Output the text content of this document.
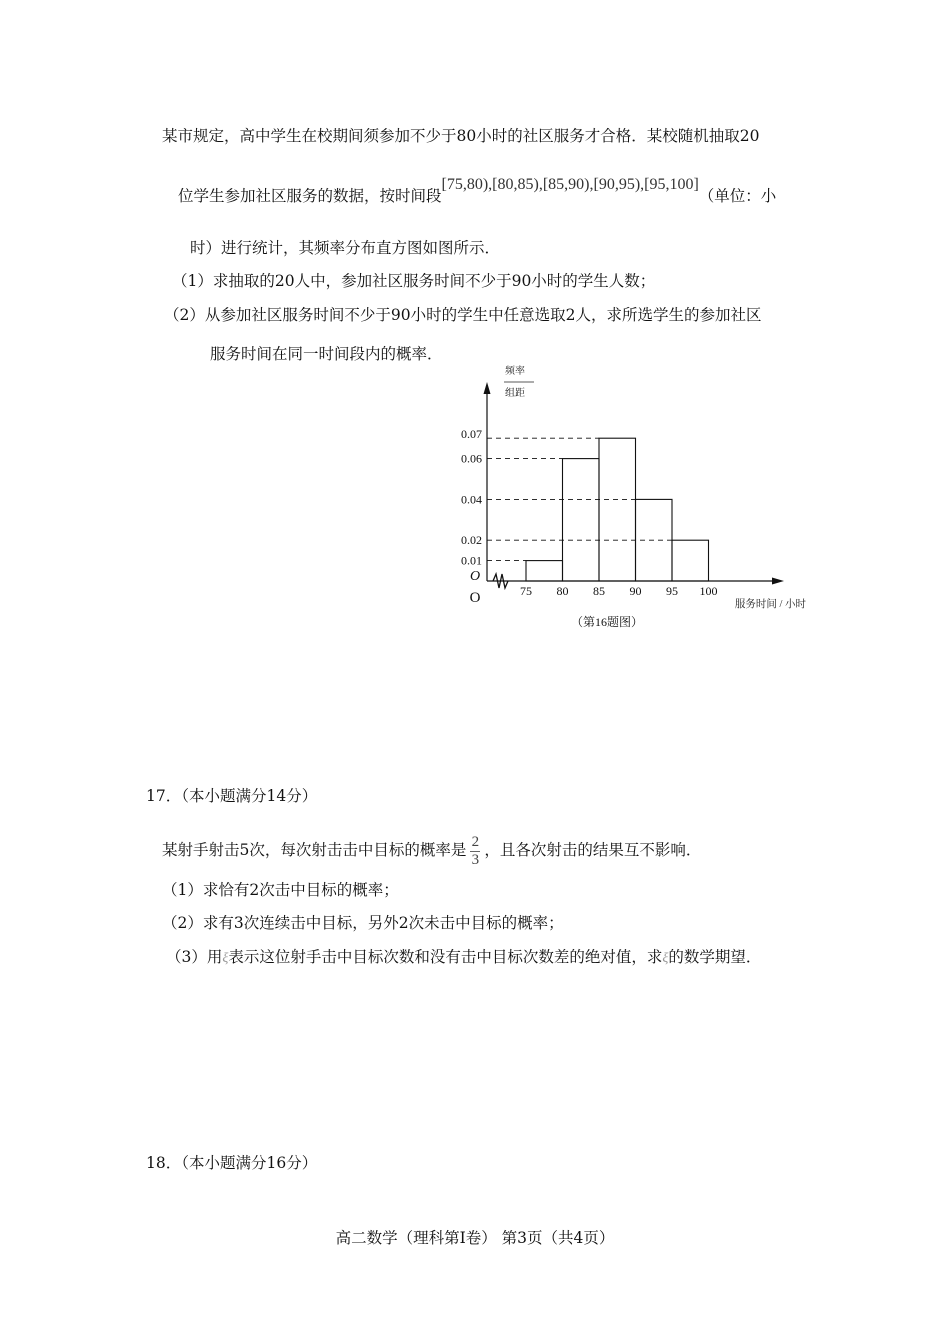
某市规定，高中学生在校期间须参加不少于80小时的社区服务才合格．某校随机抽取20
位学生参加社区服务的数据，按时间段[75,80),[80,85),[85,90),[90,95),[95,100]（单位：小
时）进行统计，其频率分布直方图如图所示．
（1）求抽取的20人中，参加社区服务时间不少于90小时的学生人数；
（2）从参加社区服务时间不少于90小时的学生中任意选取2人，求所选学生的参加社区
服务时间在同一时间段内的概率．
频率
组距
0.01
0.02
0.04
0.06
0.07
75 80 85 90 95 100
O
O	服务时间 / 小时
（第16题图）
17．（本小题满分14分）
某射手射击5次，每次射击击中目标的概率是 $\frac{2}{3}$ ，且各次射击的结果互不影响．
（1）求恰有2次击中目标的概率；
（2）求有3次连续击中目标，另外2次未击中目标的概率；
（3）用ξ表示这位射手击中目标次数和没有击中目标次数差的绝对值，求ξ的数学期望．
18．（本小题满分16分）
高二数学（理科第Ⅰ卷） 第3页（共4页）
